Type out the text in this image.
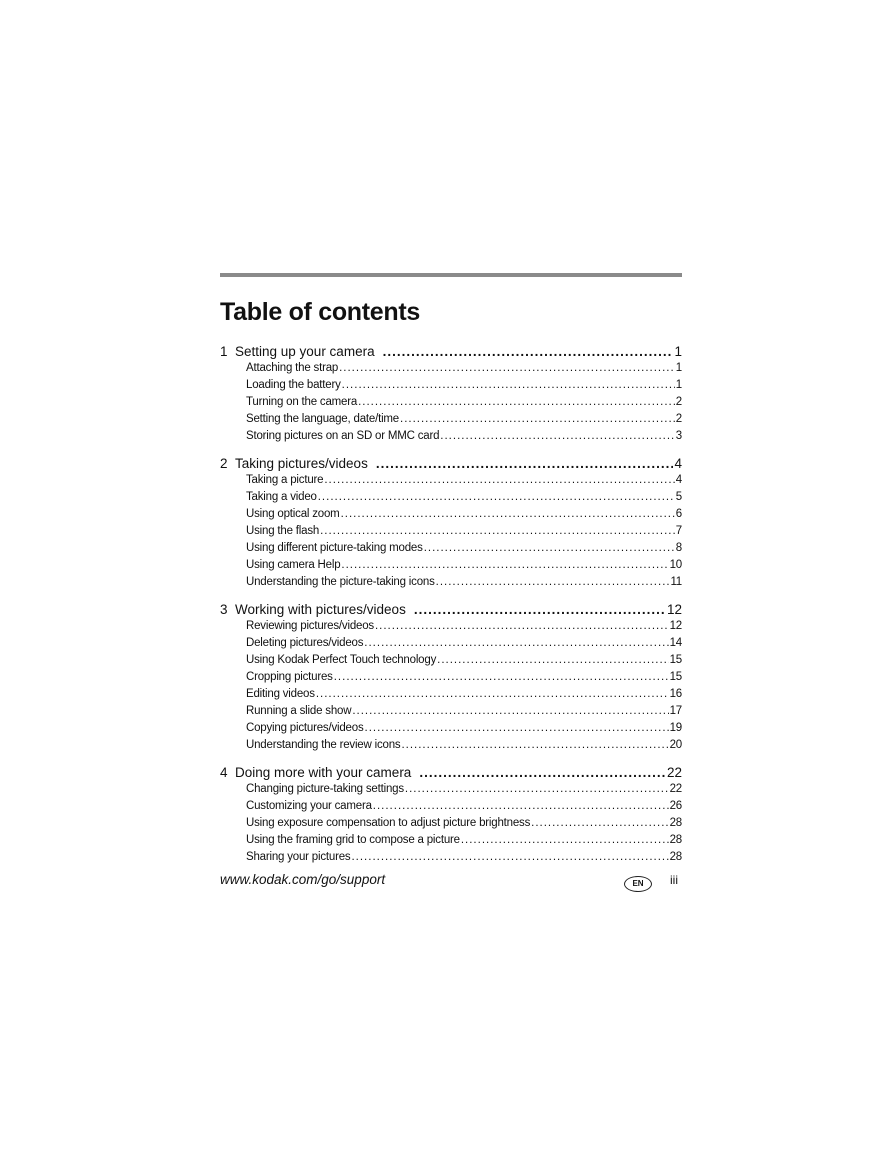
Table of contents
1 Setting up your camera .....	1
Attaching the strap .....	1
Loading the battery .....	1
Turning on the camera .....	2
Setting the language, date/time .....	2
Storing pictures on an SD or MMC card .....	3
2 Taking pictures/videos .....	4
Taking a picture .....	4
Taking a video .....	5
Using optical zoom .....	6
Using the flash .....	7
Using different picture-taking modes .....	8
Using camera Help .....	10
Understanding the picture-taking icons .....	11
3 Working with pictures/videos .....	12
Reviewing pictures/videos .....	12
Deleting pictures/videos .....	14
Using Kodak Perfect Touch technology .....	15
Cropping pictures .....	15
Editing videos .....	16
Running a slide show .....	17
Copying pictures/videos .....	19
Understanding the review icons .....	20
4 Doing more with your camera .....	22
Changing picture-taking settings .....	22
Customizing your camera .....	26
Using exposure compensation to adjust picture brightness .....	28
Using the framing grid to compose a picture .....	28
Sharing your pictures .....	28
www.kodak.com/go/support	EN	iii
